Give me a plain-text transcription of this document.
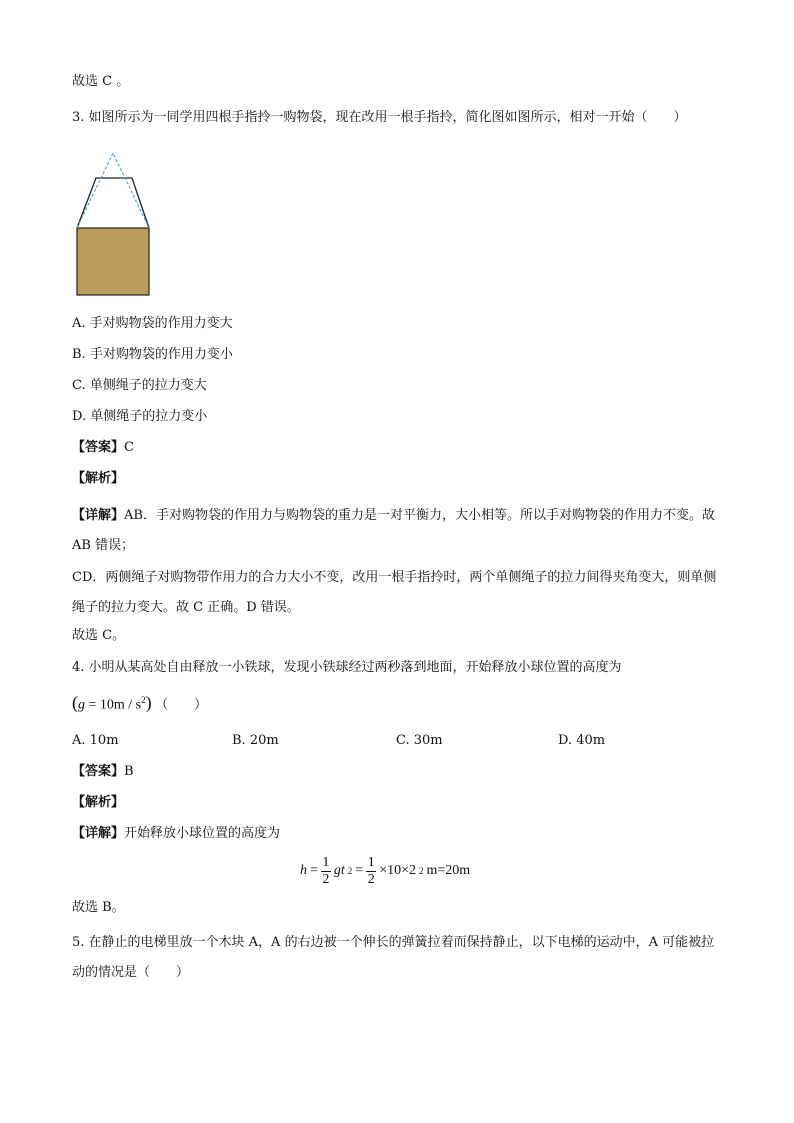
故选 C 。
3. 如图所示为一同学用四根手指拎一购物袋，现在改用一根手指拎，简化图如图所示，相对一开始（　　）
A. 手对购物袋的作用力变大
B. 手对购物袋的作用力变小
C. 单侧绳子的拉力变大
D. 单侧绳子的拉力变小
【答案】C
【解析】
【详解】AB．手对购物袋的作用力与购物袋的重力是一对平衡力，大小相等。所以手对购物袋的作用力不变。故 AB 错误；
CD．两侧绳子对购物带作用力的合力大小不变，改用一根手指拎时，两个单侧绳子的拉力间得夹角变大，则单侧绳子的拉力变大。故 C 正确。D 错误。
故选 C。
4. 小明从某高处自由释放一小铁球，发现小铁球经过两秒落到地面，开始释放小球位置的高度为
$(g = 10m / s^2)$ （　　）
A. 10m	B. 20m	C. 30m	D. 40m
【答案】B
【解析】
【详解】开始释放小球位置的高度为
$h = \frac{1}{2}$ gt $2 = \frac{1}{2} \times 10\times 2$ 2 m=20m
故选 B。
5. 在静止的电梯里放一个木块 A，A 的右边被一个伸长的弹簧拉着而保持静止，以下电梯的运动中，A 可能被拉动的情况是（　　）
